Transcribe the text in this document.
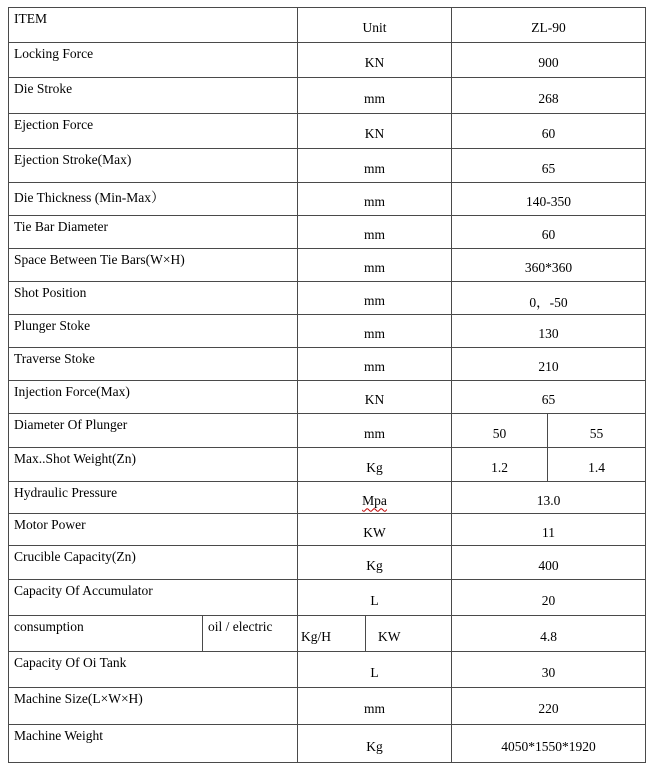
ITEM		Unit		ZL-90	
Locking Force		KN		900	
Die Stroke		mm		268	
Ejection Force		KN		60	
Ejection Stroke(Max)		mm		65	
Die Thickness (Min-Max）		mm		140-350	
Tie Bar Diameter		mm		60	
Space Between Tie Bars(W×H)		mm		360*360	
Shot Position		mm		0，-50	
Plunger Stoke		mm		130	
Traverse Stoke		mm		210	
Injection Force(Max)		KN		65	
Diameter Of Plunger		mm		50	55
Max..Shot Weight(Zn)		Kg		1.2	1.4
Hydraulic Pressure		Mpa		13.0	
Motor Power		KW		11	
Crucible Capacity(Zn)		Kg		400	
Capacity Of Accumulator		L		20	
consumption	oil / electric	Kg/H	KW	4.8	
Capacity Of Oi Tank		L		30	
Machine Size(L×W×H)		mm		220	
Machine Weight		Kg		4050*1550*1920	
